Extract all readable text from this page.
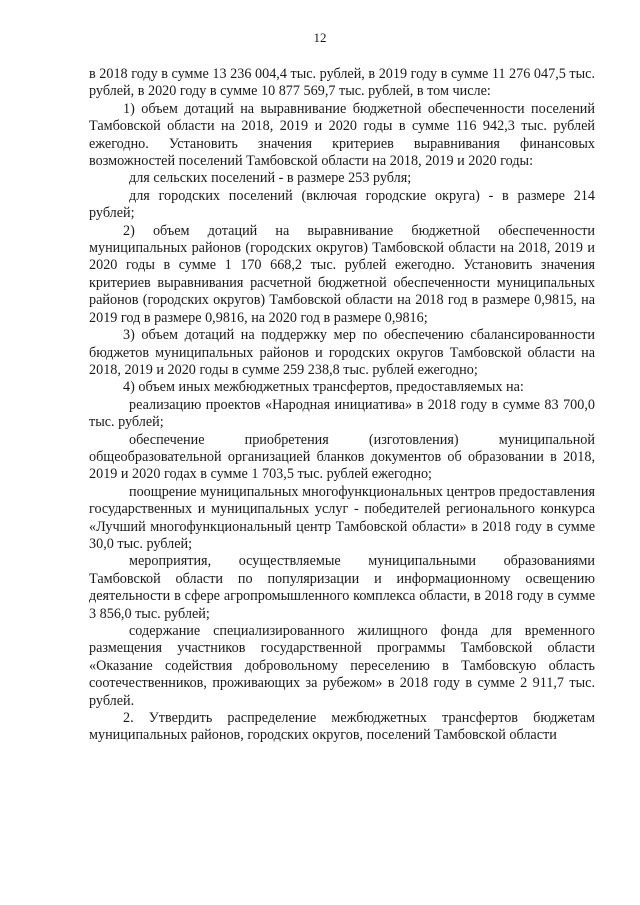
12

в 2018 году в сумме 13 236 004,4 тыс. рублей, в 2019 году в сумме 11 276 047,5 тыс. рублей, в 2020 году в сумме 10 877 569,7 тыс. рублей, в том числе:

1) объем дотаций на выравнивание бюджетной обеспеченности поселений Тамбовской области на 2018, 2019 и 2020 годы в сумме 116 942,3 тыс. рублей ежегодно. Установить значения критериев выравнивания финансовых возможностей поселений Тамбовской области на 2018, 2019 и 2020 годы:

для сельских поселений - в размере 253 рубля;

для городских поселений (включая городские округа) - в размере 214 рублей;

2) объем дотаций на выравнивание бюджетной обеспеченности муниципальных районов (городских округов) Тамбовской области на 2018, 2019 и 2020 годы в сумме 1 170 668,2 тыс. рублей ежегодно. Установить значения критериев выравнивания расчетной бюджетной обеспеченности муниципальных районов (городских округов) Тамбовской области на 2018 год в размере 0,9815, на 2019 год в размере 0,9816, на 2020 год в размере 0,9816;

3) объем дотаций на поддержку мер по обеспечению сбалансированности бюджетов муниципальных районов и городских округов Тамбовской области на 2018, 2019 и 2020 годы в сумме 259 238,8 тыс. рублей ежегодно;

4) объем иных межбюджетных трансфертов, предоставляемых на:

реализацию проектов «Народная инициатива» в 2018 году в сумме 83 700,0 тыс. рублей;

обеспечение приобретения (изготовления) муниципальной общеобразовательной организацией бланков документов об образовании в 2018, 2019 и 2020 годах в сумме 1 703,5 тыс. рублей ежегодно;

поощрение муниципальных многофункциональных центров предоставления государственных и муниципальных услуг - победителей регионального конкурса «Лучший многофункциональный центр Тамбовской области» в 2018 году в сумме 30,0 тыс. рублей;

мероприятия, осуществляемые муниципальными образованиями Тамбовской области по популяризации и информационному освещению деятельности в сфере агропромышленного комплекса области, в 2018 году в сумме 3 856,0 тыс. рублей;

содержание специализированного жилищного фонда для временного размещения участников государственной программы Тамбовской области «Оказание содействия добровольному переселению в Тамбовскую область соотечественников, проживающих за рубежом» в 2018 году в сумме 2 911,7 тыс. рублей.

2. Утвердить распределение межбюджетных трансфертов бюджетам муниципальных районов, городских округов, поселений Тамбовской области
